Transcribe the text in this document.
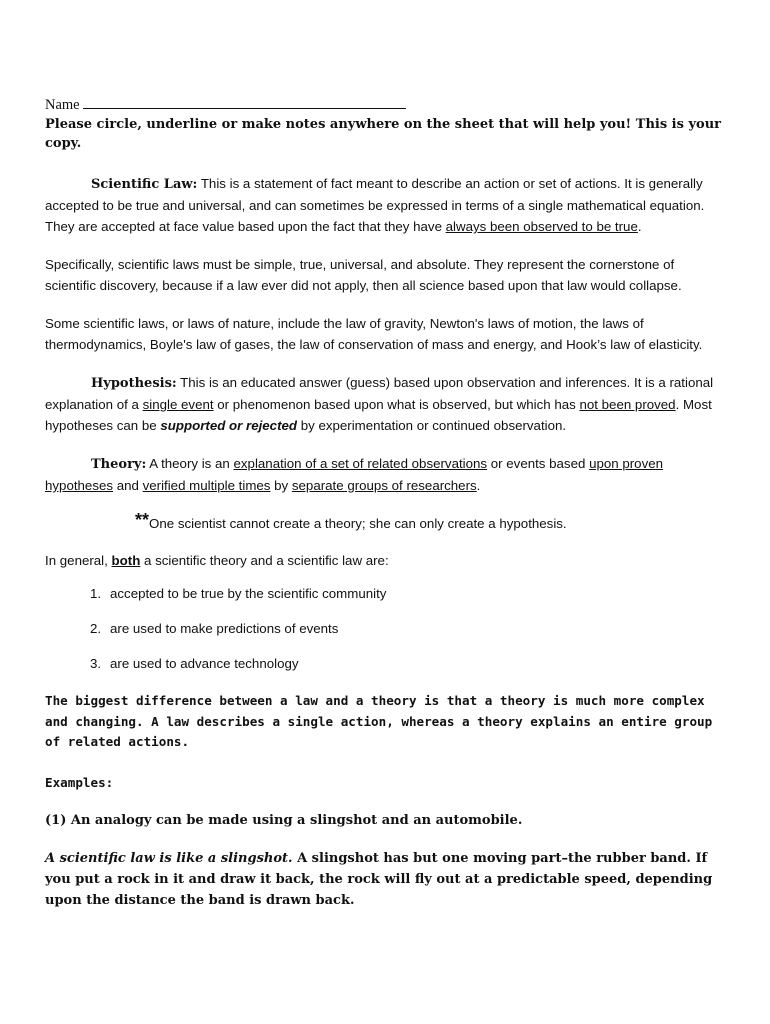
Name

Please circle, underline or make notes anywhere on the sheet that will help you! This is your copy.

Scientific Law: This is a statement of fact meant to describe an action or set of actions. It is generally accepted to be true and universal, and can sometimes be expressed in terms of a single mathematical equation. They are accepted at face value based upon the fact that they have always been observed to be true.

Specifically, scientific laws must be simple, true, universal, and absolute. They represent the cornerstone of scientific discovery, because if a law ever did not apply, then all science based upon that law would collapse.

Some scientific laws, or laws of nature, include the law of gravity, Newton's laws of motion, the laws of thermodynamics, Boyle's law of gases, the law of conservation of mass and energy, and Hook’s law of elasticity.

Hypothesis: This is an educated answer (guess) based upon observation and inferences. It is a rational explanation of a single event or phenomenon based upon what is observed, but which has not been proved. Most hypotheses can be supported or rejected by experimentation or continued observation.

Theory: A theory is an explanation of a set of related observations or events based upon proven hypotheses and verified multiple times by separate groups of researchers.

**One scientist cannot create a theory; she can only create a hypothesis.

In general, both a scientific theory and a scientific law are:

1. accepted to be true by the scientific community
2. are used to make predictions of events
3. are used to advance technology

The biggest difference between a law and a theory is that a theory is much more complex and changing. A law describes a single action, whereas a theory explains an entire group of related actions.

Examples:

(1) An analogy can be made using a slingshot and an automobile.

A scientific law is like a slingshot. A slingshot has but one moving part–the rubber band. If you put a rock in it and draw it back, the rock will fly out at a predictable speed, depending upon the distance the band is drawn back.
